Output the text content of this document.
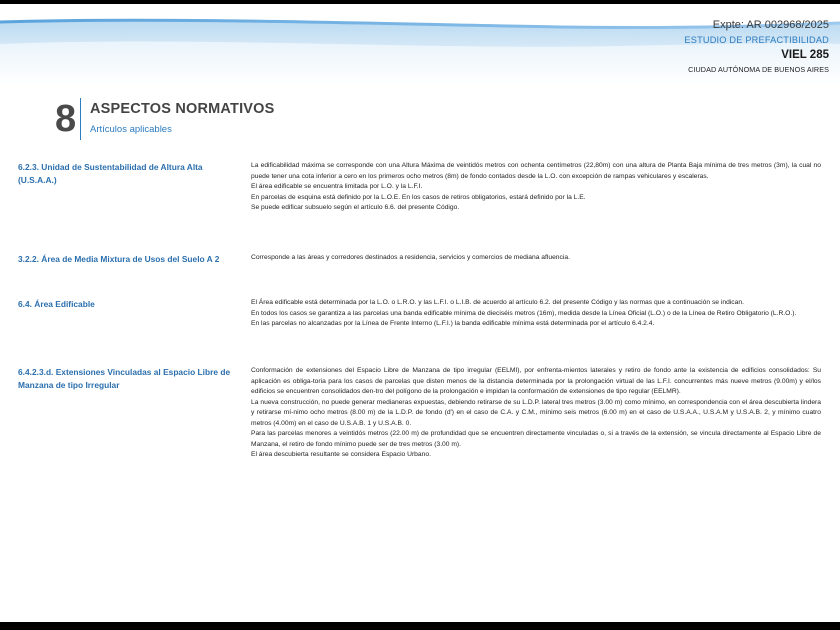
Expte: AR 002968/2025
ESTUDIO DE PREFACTIBILIDAD
VIEL 285
CIUDAD AUTÓNOMA DE BUENOS AIRES
8 ASPECTOS NORMATIVOS
Artículos aplicables
6.2.3. Unidad de Sustentabilidad de Altura Alta (U.S.A.A.)

La edificabilidad máxima se corresponde con una Altura Máxima de veintidós metros con ochenta centímetros (22,80m) con una altura de Planta Baja mínima de tres metros (3m), la cual no puede tener una cota inferior a cero en los primeros ocho metros (8m) de fondo contados desde la L.O. con excepción de rampas vehiculares y escaleras.

El área edificable se encuentra limitada por L.O. y la L.F.I.

En parcelas de esquina está definido por la L.O.E. En los casos de retiros obligatorios, estará definido por la L.E.

Se puede edificar subsuelo según el artículo 6.6. del presente Código.

3.2.2. Área de Media Mixtura de Usos del Suelo A 2	Corresponde a las áreas y corredores destinados a residencia, servicios y comercios de mediana afluencia.

6.4. Área Edificable	El Área edificable está determinada por la L.O. o L.R.O. y las L.F.I. o L.I.B. de acuerdo al artículo 6.2. del presente Código y las normas que a continuación se indican.

En todos los casos se garantiza a las parcelas una banda edificable mínima de dieciséis metros (16m), medida desde la Línea Oficial (L.O.) o de la Línea de Retiro Obligatorio (L.R.O.).

En las parcelas no alcanzadas por la Línea de Frente Interno (L.F.I.) la banda edificable mínima está determinada por el artículo 6.4.2.4.

6.4.2.3.d. Extensiones Vinculadas al Espacio Libre de Manzana de tipo Irregular

Conformación de extensiones del Espacio Libre de Manzana de tipo irregular (EELMI), por enfrenta-mientos laterales y retiro de fondo ante la existencia de edificios consolidados: Su aplicación es obliga-toria para los casos de parcelas que disten menos de la distancia determinada por la prolongación virtual de las L.F.I. concurrentes más nueve metros (9.00m) y el/los edificios se encuentren consolidados den-tro del polígono de la prolongación e impidan la conformación de extensiones de tipo regular (EELMR).

La nueva construcción, no puede generar medianeras expuestas, debiendo retirarse de su L.D.P. lateral tres metros (3.00 m) como mínimo, en correspondencia con el área descubierta lindera y retirarse mí-nimo ocho metros (8.00 m) de la L.D.P. de fondo (d') en el caso de C.A. y C.M., mínimo seis metros (6.00 m) en el caso de U.S.A.A., U.S.A.M y U.S.A.B. 2, y mínimo cuatro metros (4.00m) en el caso de U.S.A.B. 1 y U.S.A.B. 0.

Para las parcelas menores a veintidós metros (22.00 m) de profundidad que se encuentren directamente vinculadas o, si a través de la extensión, se vincula directamente al Espacio Libre de Manzana, el retiro de fondo mínimo puede ser de tres metros (3.00 m).

El área descubierta resultante se considera Espacio Urbano.
